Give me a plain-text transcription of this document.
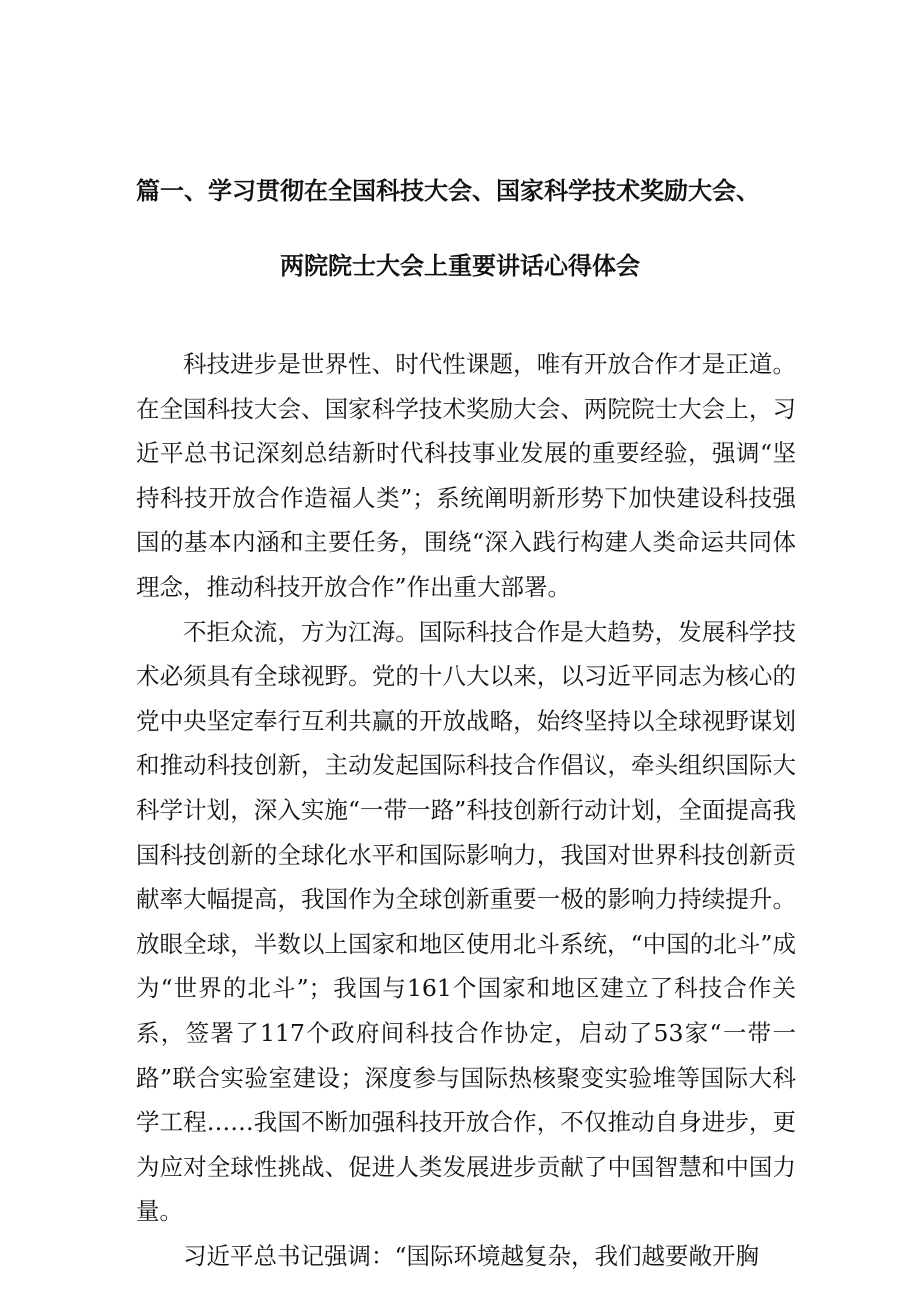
篇一、学习贯彻在全国科技大会、国家科学技术奖励大会、
两院院士大会上重要讲话心得体会

科技进步是世界性、时代性课题，唯有开放合作才是正道。在全国科技大会、国家科学技术奖励大会、两院院士大会上，习近平总书记深刻总结新时代科技事业发展的重要经验，强调“坚持科技开放合作造福人类”；系统阐明新形势下加快建设科技强国的基本内涵和主要任务，围绕“深入践行构建人类命运共同体理念，推动科技开放合作”作出重大部署。

不拒众流，方为江海。国际科技合作是大趋势，发展科学技术必须具有全球视野。党的十八大以来，以习近平同志为核心的党中央坚定奉行互利共赢的开放战略，始终坚持以全球视野谋划和推动科技创新，主动发起国际科技合作倡议，牵头组织国际大科学计划，深入实施“一带一路”科技创新行动计划，全面提高我国科技创新的全球化水平和国际影响力，我国对世界科技创新贡献率大幅提高，我国作为全球创新重要一极的影响力持续提升。放眼全球，半数以上国家和地区使用北斗系统，“中国的北斗”成为“世界的北斗”；我国与161个国家和地区建立了科技合作关系，签署了117个政府间科技合作协定，启动了53家“一带一路”联合实验室建设；深度参与国际热核聚变实验堆等国际大科学工程……我国不断加强科技开放合作，不仅推动自身进步，更为应对全球性挑战、促进人类发展进步贡献了中国智慧和中国力量。

习近平总书记强调：“国际环境越复杂，我们越要敞开胸
